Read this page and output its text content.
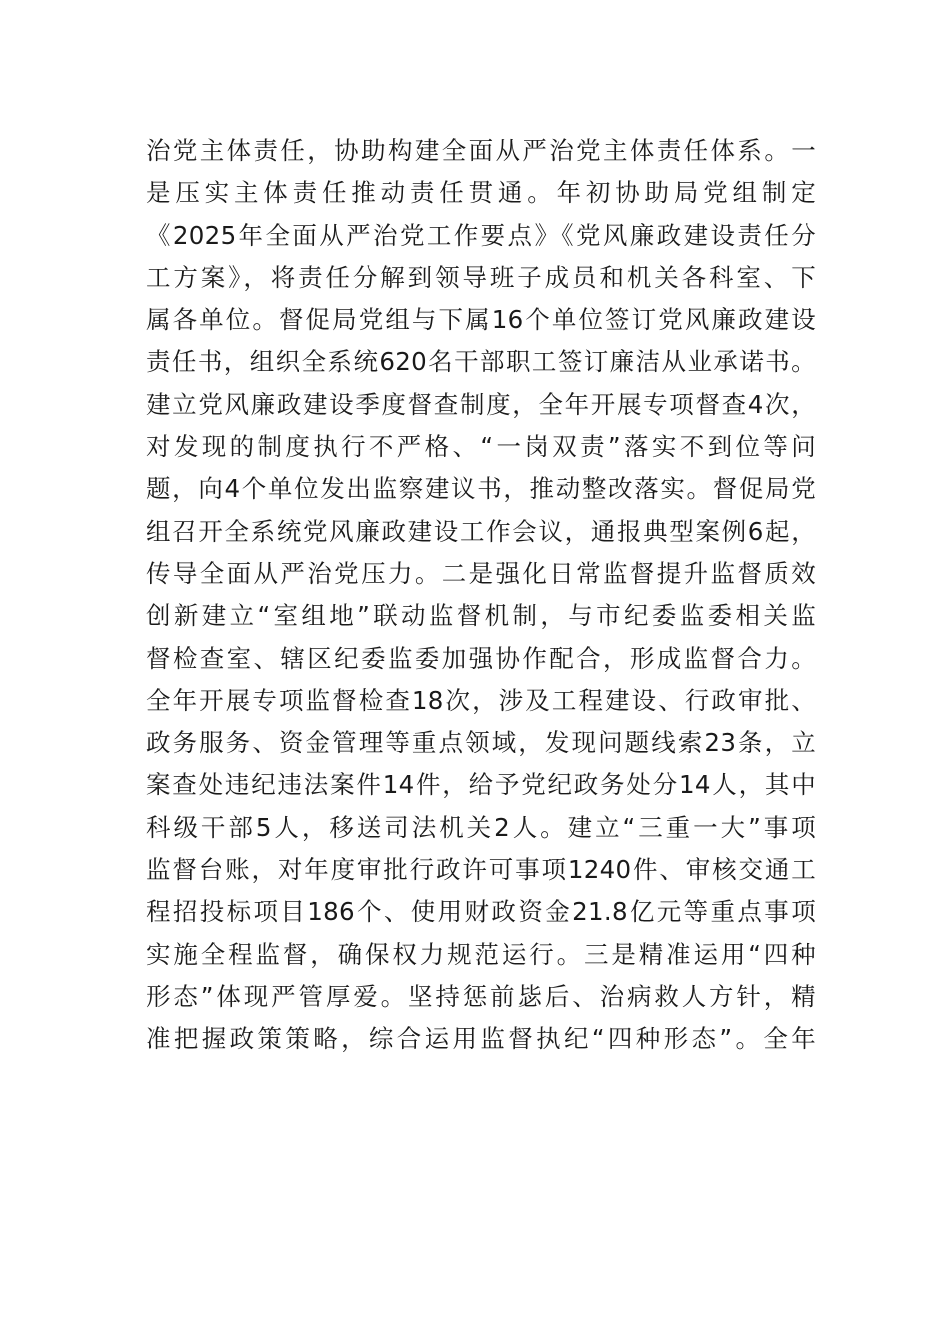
治党主体责任，协助构建全面从严治党主体责任体系。一
是压实主体责任推动责任贯通。年初协助局党组制定
《2025年全面从严治党工作要点》《党风廉政建设责任分
工方案》，将责任分解到领导班子成员和机关各科室、下
属各单位。督促局党组与下属16个单位签订党风廉政建设
责任书，组织全系统620名干部职工签订廉洁从业承诺书。
建立党风廉政建设季度督查制度，全年开展专项督查4次，
对发现的制度执行不严格、“一岗双责”落实不到位等问
题，向4个单位发出监察建议书，推动整改落实。督促局党
组召开全系统党风廉政建设工作会议，通报典型案例6起，
传导全面从严治党压力。二是强化日常监督提升监督质效
创新建立“室组地”联动监督机制，与市纪委监委相关监
督检查室、辖区纪委监委加强协作配合，形成监督合力。
全年开展专项监督检查18次，涉及工程建设、行政审批、
政务服务、资金管理等重点领域，发现问题线索23条，立
案查处违纪违法案件14件，给予党纪政务处分14人，其中
科级干部5人，移送司法机关2人。建立“三重一大”事项
监督台账，对年度审批行政许可事项1240件、审核交通工
程招投标项目186个、使用财政资金21.8亿元等重点事项
实施全程监督，确保权力规范运行。三是精准运用“四种
形态”体现严管厚爱。坚持惩前毖后、治病救人方针，精
准把握政策策略，综合运用监督执纪“四种形态”。全年
